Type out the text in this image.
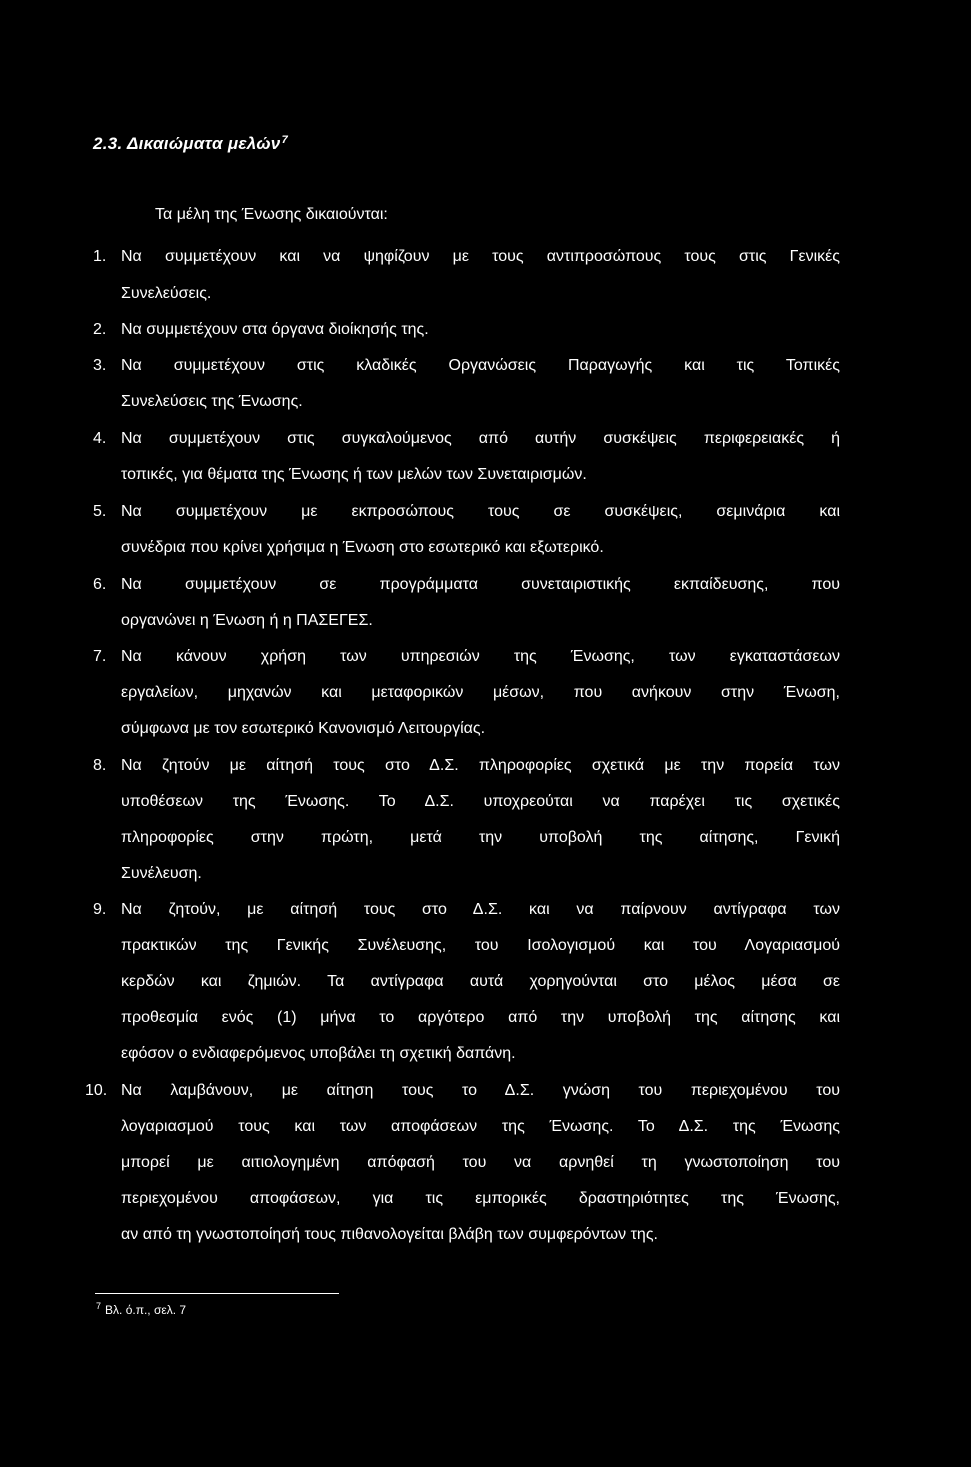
2.3. Δικαιώματα μελών$^7$
Τα μέλη της Ένωσης δικαιούνται:
1. Να συμμετέχουν και να ψηφίζουν με τους αντιπροσώπους τους στις Γενικές
Συνελεύσεις.
2. Να συμμετέχουν στα όργανα διοίκησής της.
3. Να συμμετέχουν στις κλαδικές Οργανώσεις Παραγωγής και τις Τοπικές
Συνελεύσεις της Ένωσης.
4. Να συμμετέχουν στις συγκαλούμενος από αυτήν συσκέψεις περιφερειακές ή
τοπικές, για θέματα της Ένωσης ή των μελών των Συνεταιρισμών.
5. Να συμμετέχουν με εκπροσώπους τους σε συσκέψεις, σεμινάρια και
συνέδρια που κρίνει χρήσιμα η Ένωση στο εσωτερικό και εξωτερικό.
6. Να συμμετέχουν σε προγράμματα συνεταιριστικής εκπαίδευσης, που
οργανώνει η Ένωση ή η ΠΑΣΕΓΕΣ.
7. Να κάνουν χρήση των υπηρεσιών της Ένωσης, των εγκαταστάσεων
εργαλείων, μηχανών και μεταφορικών μέσων, που ανήκουν στην Ένωση,
σύμφωνα με τον εσωτερικό Κανονισμό Λειτουργίας.
8. Να ζητούν με αίτησή τους στο Δ.Σ. πληροφορίες σχετικά με την πορεία των
υποθέσεων της Ένωσης. Το Δ.Σ. υποχρεούται να παρέχει τις σχετικές
πληροφορίες στην πρώτη, μετά την υποβολή της αίτησης, Γενική
Συνέλευση.
9. Να ζητούν, με αίτησή τους στο Δ.Σ. και να παίρνουν αντίγραφα των
πρακτικών της Γενικής Συνέλευσης, του Ισολογισμού και του Λογαριασμού
κερδών και ζημιών. Τα αντίγραφα αυτά χορηγούνται στο μέλος μέσα σε
προθεσμία ενός (1) μήνα το αργότερο από την υποβολή της αίτησης και
εφόσον ο ενδιαφερόμενος υποβάλει τη σχετική δαπάνη.
10. Να λαμβάνουν, με αίτηση τους το Δ.Σ. γνώση του περιεχομένου του
λογαριασμού τους και των αποφάσεων της Ένωσης. Το Δ.Σ. της Ένωσης
μπορεί με αιτιολογημένη απόφασή του να αρνηθεί τη γνωστοποίηση του
περιεχομένου αποφάσεων, για τις εμπορικές δραστηριότητες της Ένωσης,
αν από τη γνωστοποίησή τους πιθανολογείται βλάβη των συμφερόντων της.
$^7$ Βλ. ό.π., σελ. 7
